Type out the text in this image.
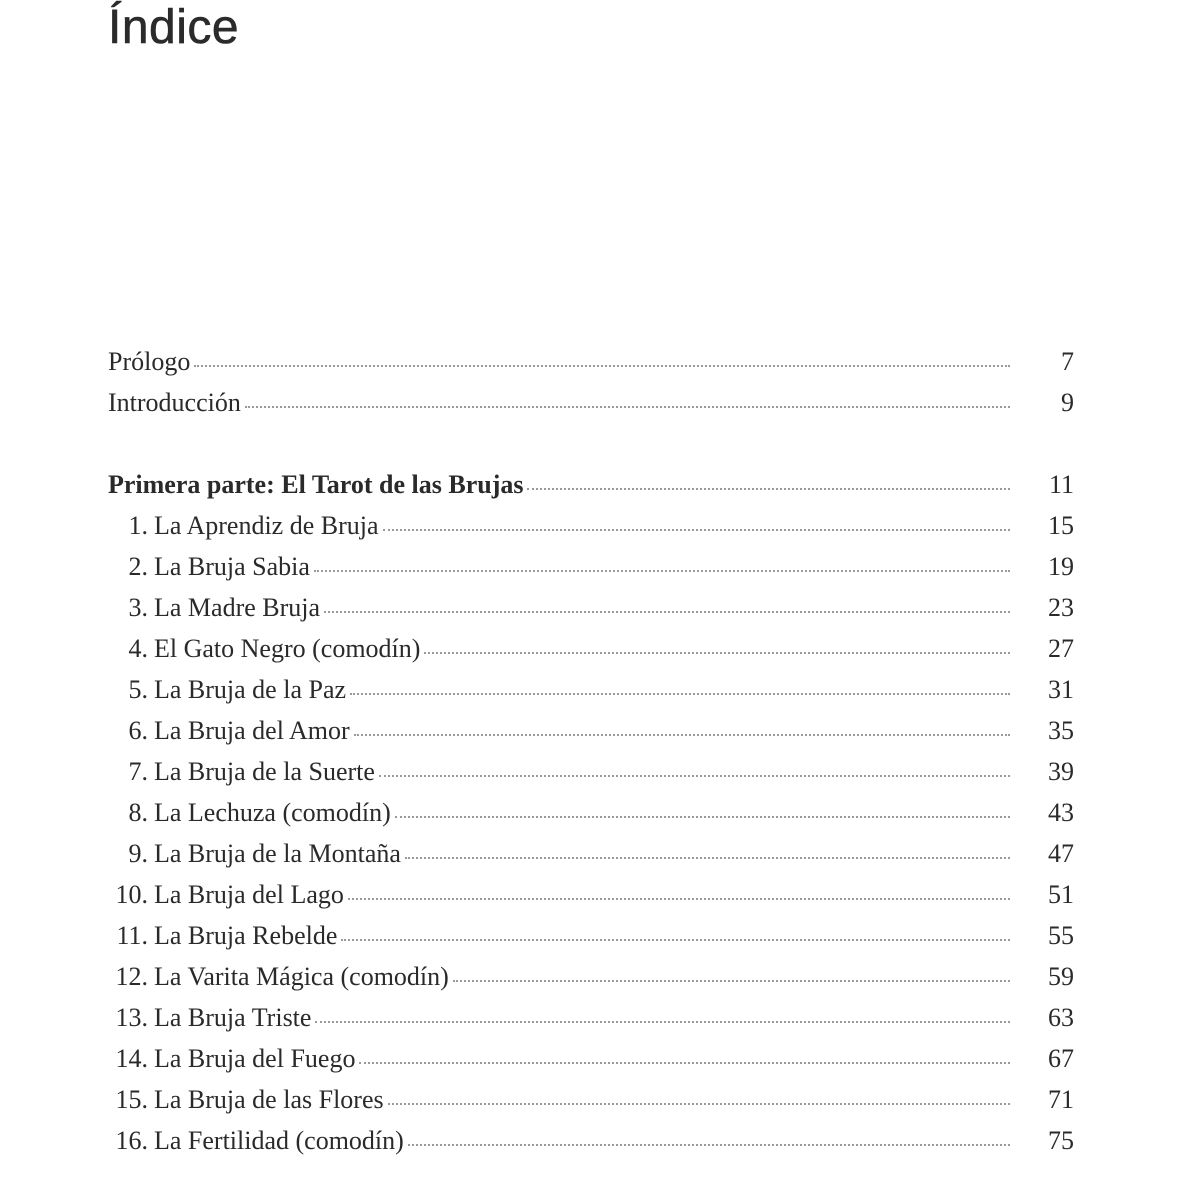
Índice
Prólogo	7
Introducción	9
Primera parte: El Tarot de las Brujas	11
1. La Aprendiz de Bruja	15
2. La Bruja Sabia	19
3. La Madre Bruja	23
4. El Gato Negro (comodín)	27
5. La Bruja de la Paz	31
6. La Bruja del Amor	35
7. La Bruja de la Suerte	39
8. La Lechuza (comodín)	43
9. La Bruja de la Montaña	47
10. La Bruja del Lago	51
11. La Bruja Rebelde	55
12. La Varita Mágica (comodín)	59
13. La Bruja Triste	63
14. La Bruja del Fuego	67
15. La Bruja de las Flores	71
16. La Fertilidad (comodín)	75
